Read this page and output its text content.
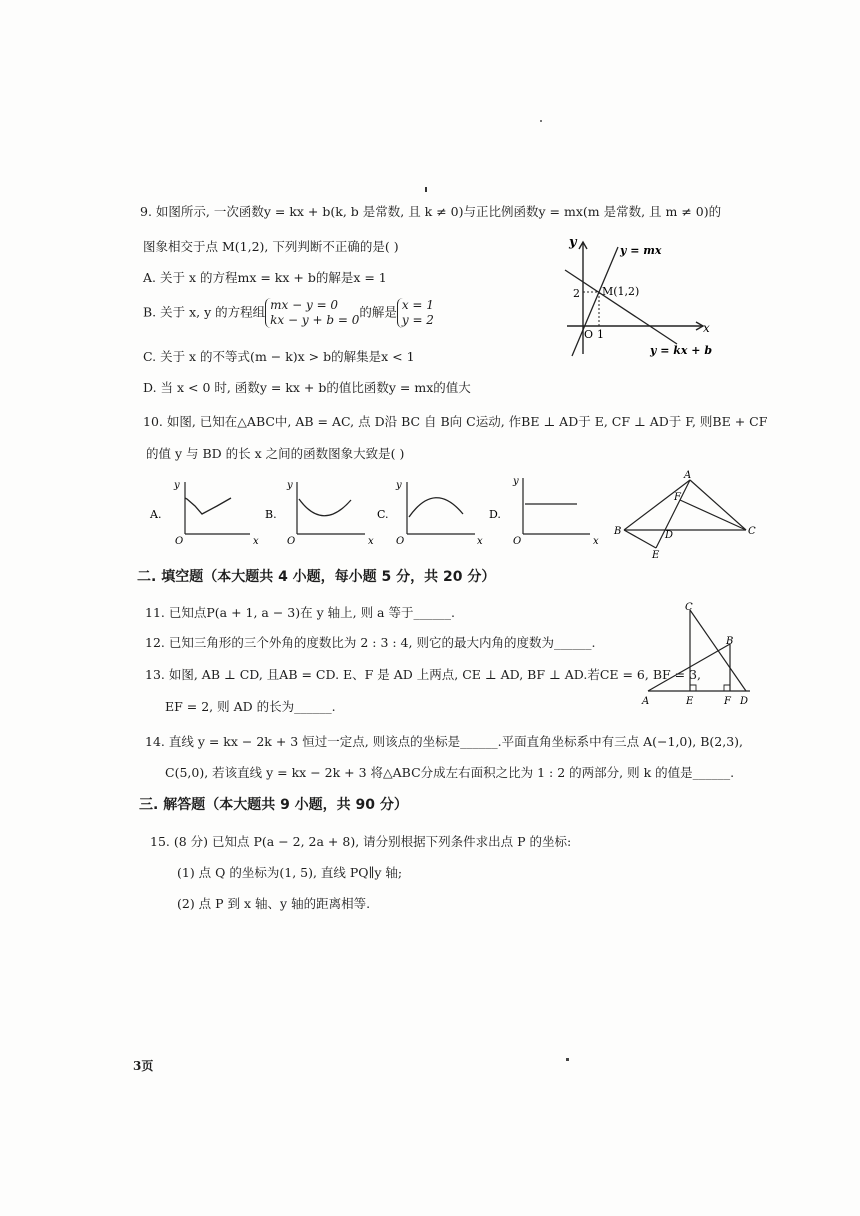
9. 如图所示, 一次函数y = kx + b(k, b 是常数, 且 k ≠ 0)与正比例函数y = mx(m 是常数, 且 m ≠ 0)的
图象相交于点 M(1,2), 下列判断不正确的是( )
A. 关于 x 的方程mx = kx + b的解是x = 1
B. 关于 x, y 的方程组 mx − y = 0
kx − y + b = 0的解是 x = 1
y = 2
C. 关于 x 的不等式(m − k)x > b的解集是x < 1
D. 当 x < 0 时, 函数y = kx + b的值比函数y = mx的值大
y
x
O 1
2 M(1,2)
y = mx
y = kx + b
10. 如图, 已知在△ABC中, AB = AC, 点 D沿 BC 自 B向 C运动, 作BE ⊥ AD于 E, CF ⊥ AD于 F, 则BE + CF
的值 y 与 BD 的长 x 之间的函数图象大致是( )
A.
y
x
O
B.
y
x
O
C.
y
x
O
D.
y
x
O
A
B	C
D
E
F
二. 填空题（本大题共 4 小题，每小题 5 分，共 20 分）
11. 已知点P(a + 1, a − 3)在 y 轴上, 则 a 等于______.
12. 已知三角形的三个外角的度数比为 2 : 3 : 4, 则它的最大内角的度数为______.
13. 如图, AB ⊥ CD, 且AB = CD. E、F 是 AD 上两点, CE ⊥ AD, BF ⊥ AD.若CE = 6, BF = 3,
EF = 2, 则 AD 的长为______.	A
B
C
D
E	F
14. 直线 y = kx − 2k + 3 恒过一定点, 则该点的坐标是______.平面直角坐标系中有三点 A(−1,0), B(2,3),
C(5,0), 若该直线 y = kx − 2k + 3 将△ABC分成左右面积之比为 1 : 2 的两部分, 则 k 的值是______.
三. 解答题（本大题共 9 小题，共 90 分）
15. (8 分) 已知点 P(a − 2, 2a + 8), 请分别根据下列条件求出点 P 的坐标:
(1) 点 Q 的坐标为(1, 5), 直线 PQ∥y 轴;
(2) 点 P 到 x 轴、y 轴的距离相等.
3页
